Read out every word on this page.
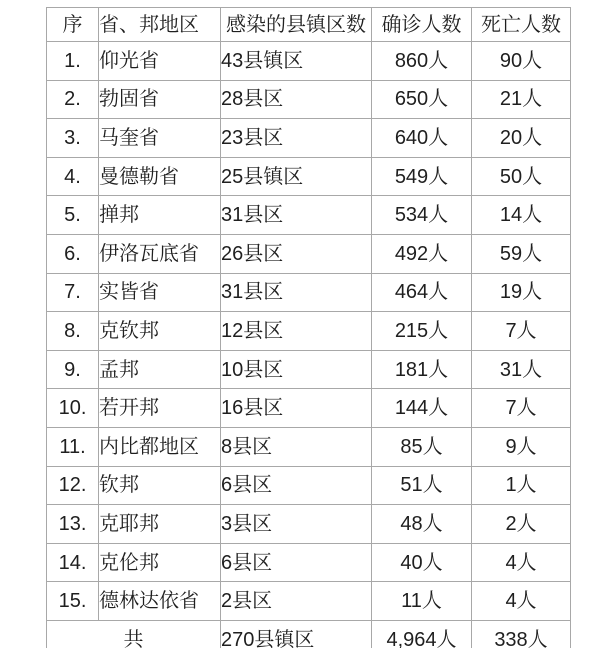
序	省、邦地区	感染的县镇区数	确诊人数	死亡人数
1.	仰光省	43县镇区	860人	90人
2.	勃固省	28县区	650人	21人
3.	马奎省	23县区	640人	20人
4.	曼德勒省	25县镇区	549人	50人
5.	掸邦	31县区	534人	14人
6.	伊洛瓦底省	26县区	492人	59人
7.	实皆省	31县区	464人	19人
8.	克钦邦	12县区	215人	7人
9.	孟邦	10县区	181人	31人
10.	若开邦	16县区	144人	7人
11.	内比都地区	8县区	85人	9人
12.	钦邦	6县区	51人	1人
13.	克耶邦	3县区	48人	2人
14.	克伦邦	6县区	40人	4人
15.	德林达依省	2县区	11人	4人
共		270县镇区	4,964人	338人
